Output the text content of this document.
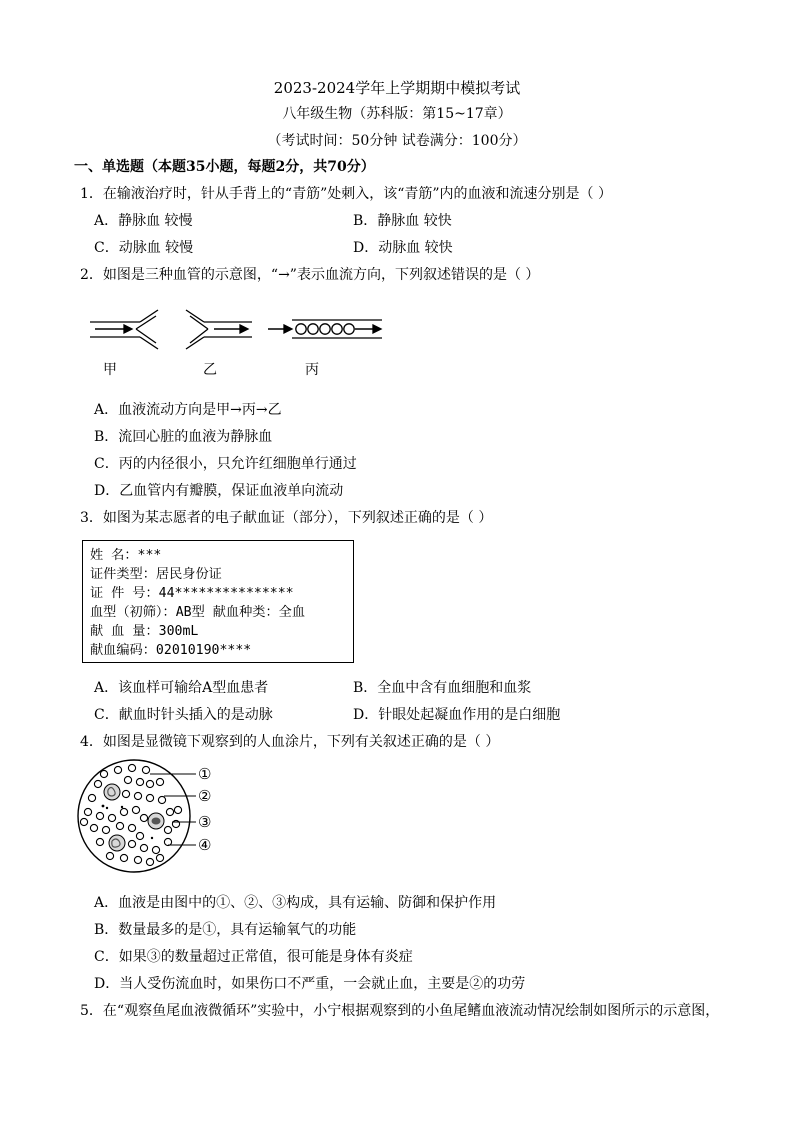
2023-2024学年上学期期中模拟考试
八年级生物（苏科版：第15~17章）
（考试时间：50分钟 试卷满分：100分）
一、单选题（本题35小题，每题2分，共70分）
1．在输液治疗时，针从手背上的“青筋”处刺入，该“青筋”内的血液和流速分别是（ ）
A．静脉血 较慢	B．静脉血 较快
C．动脉血 较慢	D．动脉血 较快
2．如图是三种血管的示意图，“→”表示血流方向，下列叙述错误的是（ ）
甲	乙	丙
A．血液流动方向是甲→丙→乙
B．流回心脏的血液为静脉血
C．丙的内径很小，只允许红细胞单行通过
D．乙血管内有瓣膜，保证血液单向流动
3．如图为某志愿者的电子献血证（部分），下列叙述正确的是（ ）
姓 名：***
证件类型：居民身份证
证 件 号：44***************
血型（初筛）：AB型 献血种类：全血
献 血 量：300mL
献血编码：02010190****
A．该血样可输给A型血患者	B．全血中含有血细胞和血浆
C．献血时针头插入的是动脉	D．针眼处起凝血作用的是白细胞
4．如图是显微镜下观察到的人血涂片，下列有关叙述正确的是（ ）
①
②
③
④
A．血液是由图中的①、②、③构成，具有运输、防御和保护作用
B．数量最多的是①，具有运输氧气的功能
C．如果③的数量超过正常值，很可能是身体有炎症
D．当人受伤流血时，如果伤口不严重，一会就止血，主要是②的功劳
5．在“观察鱼尾血液微循环”实验中，小宁根据观察到的小鱼尾鳍血液流动情况绘制如图所示的示意图，
